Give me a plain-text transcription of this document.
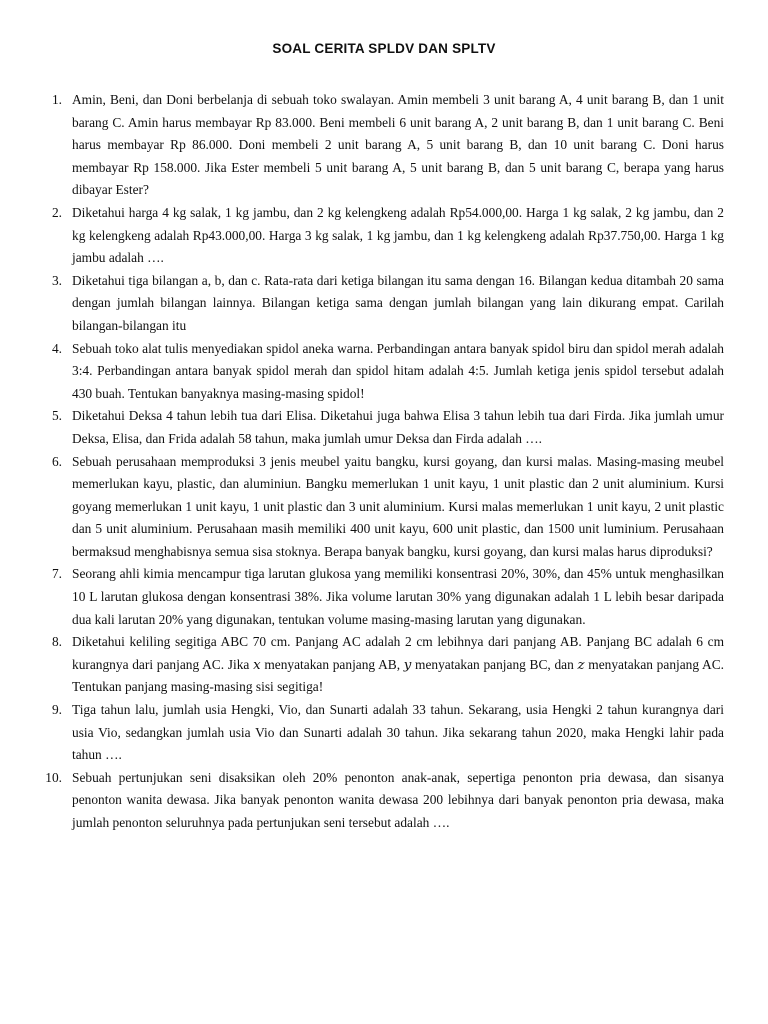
SOAL CERITA SPLDV DAN SPLTV
1. Amin, Beni, dan Doni berbelanja di sebuah toko swalayan. Amin membeli 3 unit barang A, 4 unit barang B, dan 1 unit barang C. Amin harus membayar Rp 83.000. Beni membeli 6 unit barang A, 2 unit barang B, dan 1 unit barang C. Beni harus membayar Rp 86.000. Doni membeli 2 unit barang A, 5 unit barang B, dan 10 unit barang C. Doni harus membayar Rp 158.000. Jika Ester membeli 5 unit barang A, 5 unit barang B, dan 5 unit barang C, berapa yang harus dibayar Ester?
2. Diketahui harga 4 kg salak, 1 kg jambu, dan 2 kg kelengkeng adalah Rp54.000,00. Harga 1 kg salak, 2 kg jambu, dan 2 kg kelengkeng adalah Rp43.000,00. Harga 3 kg salak, 1 kg jambu, dan 1 kg kelengkeng adalah Rp37.750,00. Harga 1 kg jambu adalah ….
3. Diketahui tiga bilangan a, b, dan c. Rata-rata dari ketiga bilangan itu sama dengan 16. Bilangan kedua ditambah 20 sama dengan jumlah bilangan lainnya. Bilangan ketiga sama dengan jumlah bilangan yang lain dikurang empat. Carilah bilangan-bilangan itu
4. Sebuah toko alat tulis menyediakan spidol aneka warna. Perbandingan antara banyak spidol biru dan spidol merah adalah 3:4. Perbandingan antara banyak spidol merah dan spidol hitam adalah 4:5. Jumlah ketiga jenis spidol tersebut adalah 430 buah. Tentukan banyaknya masing-masing spidol!
5. Diketahui Deksa 4 tahun lebih tua dari Elisa. Diketahui juga bahwa Elisa 3 tahun lebih tua dari Firda. Jika jumlah umur Deksa, Elisa, dan Frida adalah 58 tahun, maka jumlah umur Deksa dan Firda adalah ….
6. Sebuah perusahaan memproduksi 3 jenis meubel yaitu bangku, kursi goyang, dan kursi malas. Masing-masing meubel memerlukan kayu, plastic, dan aluminiun. Bangku memerlukan 1 unit kayu, 1 unit plastic dan 2 unit aluminium. Kursi goyang memerlukan 1 unit kayu, 1 unit plastic dan 3 unit aluminium. Kursi malas memerlukan 1 unit kayu, 2 unit plastic dan 5 unit aluminium. Perusahaan masih memiliki 400 unit kayu, 600 unit plastic, dan 1500 unit luminium. Perusahaan bermaksud menghabisnya semua sisa stoknya. Berapa banyak bangku, kursi goyang, dan kursi malas harus diproduksi?
7. Seorang ahli kimia mencampur tiga larutan glukosa yang memiliki konsentrasi 20%, 30%, dan 45% untuk menghasilkan 10 L larutan glukosa dengan konsentrasi 38%. Jika volume larutan 30% yang digunakan adalah 1 L lebih besar daripada dua kali larutan 20% yang digunakan, tentukan volume masing-masing larutan yang digunakan.
8. Diketahui keliling segitiga ABC 70 cm. Panjang AC adalah 2 cm lebihnya dari panjang AB. Panjang BC adalah 6 cm kurangnya dari panjang AC. Jika 𝑥 menyatakan panjang AB, 𝑦 menyatakan panjang BC, dan 𝑧 menyatakan panjang AC. Tentukan panjang masing-masing sisi segitiga!
9. Tiga tahun lalu, jumlah usia Hengki, Vio, dan Sunarti adalah 33 tahun. Sekarang, usia Hengki 2 tahun kurangnya dari usia Vio, sedangkan jumlah usia Vio dan Sunarti adalah 30 tahun. Jika sekarang tahun 2020, maka Hengki lahir pada tahun ….
10. Sebuah pertunjukan seni disaksikan oleh 20% penonton anak-anak, sepertiga penonton pria dewasa, dan sisanya penonton wanita dewasa. Jika banyak penonton wanita dewasa 200 lebihnya dari banyak penonton pria dewasa, maka jumlah penonton seluruhnya pada pertunjukan seni tersebut adalah ….
